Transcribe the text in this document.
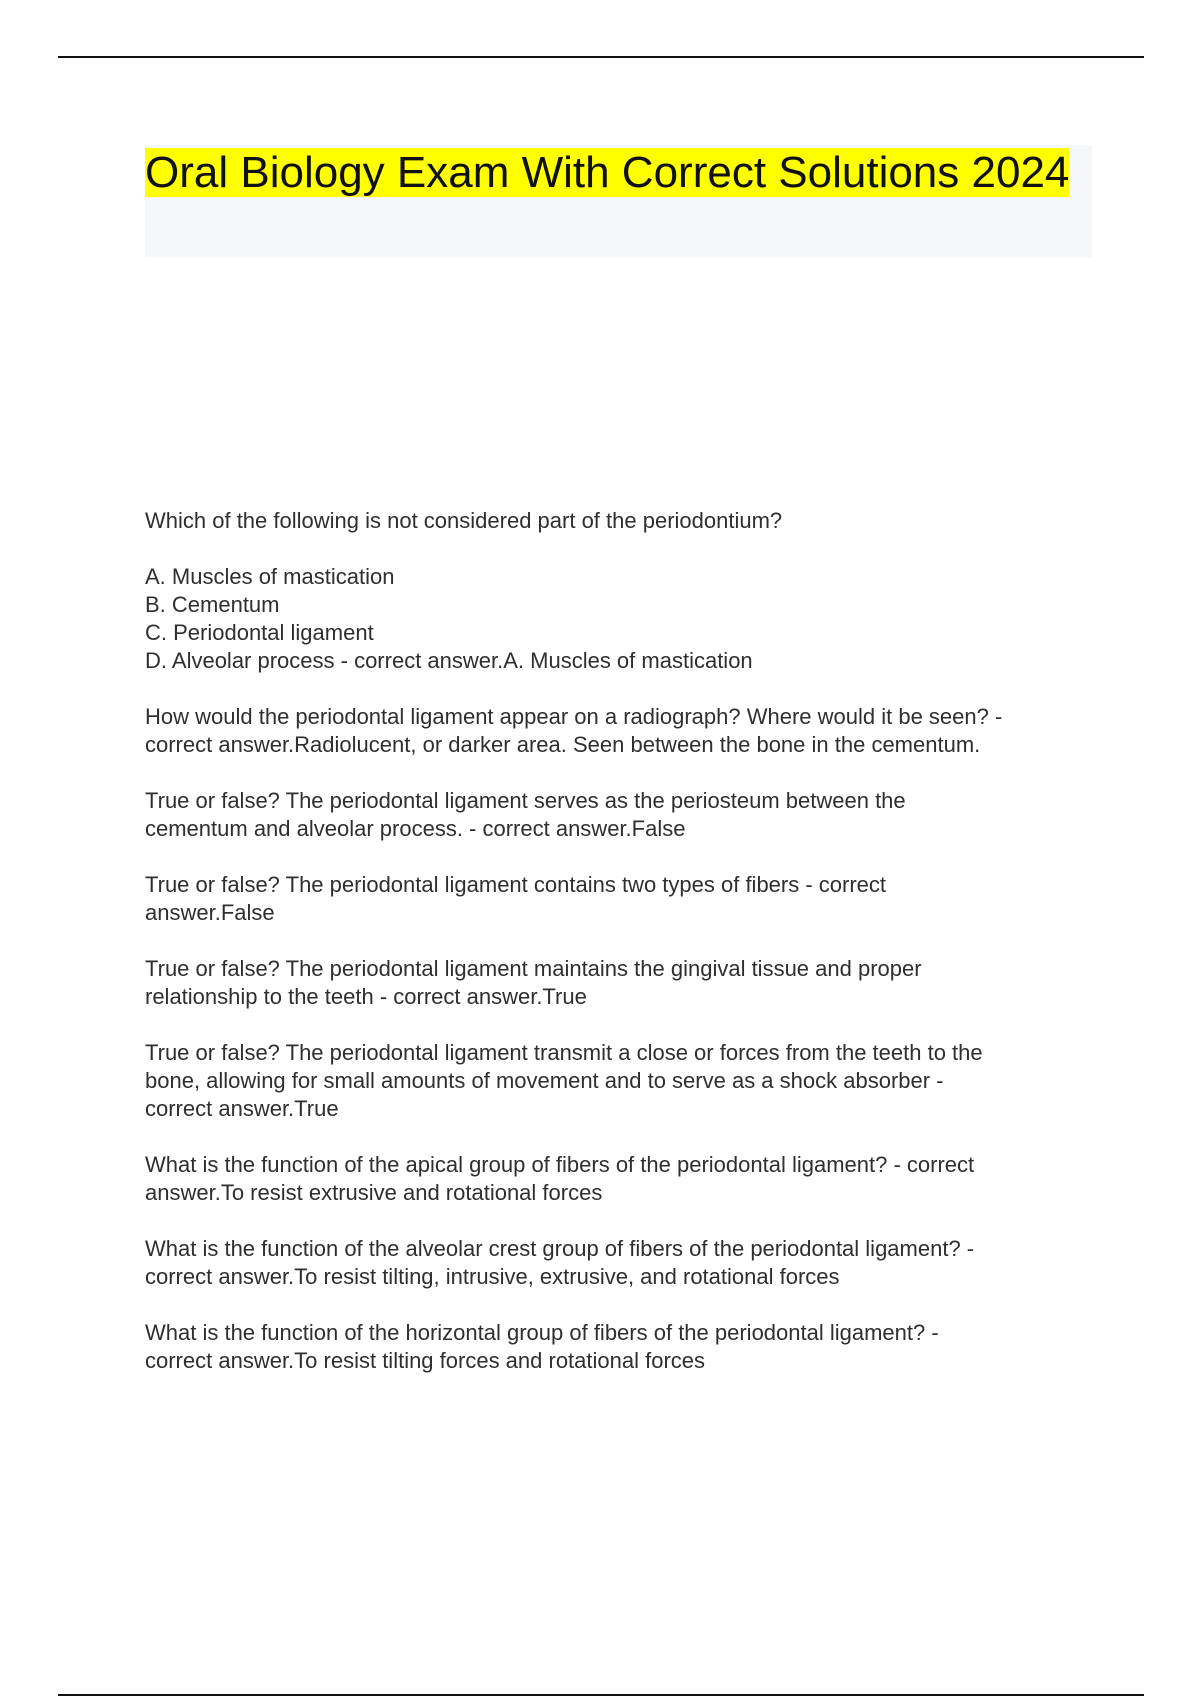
Oral Biology Exam With Correct Solutions 2024
Which of the following is not considered part of the periodontium?

A. Muscles of mastication
B. Cementum
C. Periodontal ligament
D. Alveolar process - correct answer.A. Muscles of mastication
How would the periodontal ligament appear on a radiograph? Where would it be seen? -
correct answer.Radiolucent, or darker area. Seen between the bone in the cementum.
True or false? The periodontal ligament serves as the periosteum between the
cementum and alveolar process. - correct answer.False
True or false? The periodontal ligament contains two types of fibers - correct
answer.False
True or false? The periodontal ligament maintains the gingival tissue and proper
relationship to the teeth - correct answer.True
True or false? The periodontal ligament transmit a close or forces from the teeth to the
bone, allowing for small amounts of movement and to serve as a shock absorber -
correct answer.True
What is the function of the apical group of fibers of the periodontal ligament? - correct
answer.To resist extrusive and rotational forces
What is the function of the alveolar crest group of fibers of the periodontal ligament? -
correct answer.To resist tilting, intrusive, extrusive, and rotational forces
What is the function of the horizontal group of fibers of the periodontal ligament? -
correct answer.To resist tilting forces and rotational forces
